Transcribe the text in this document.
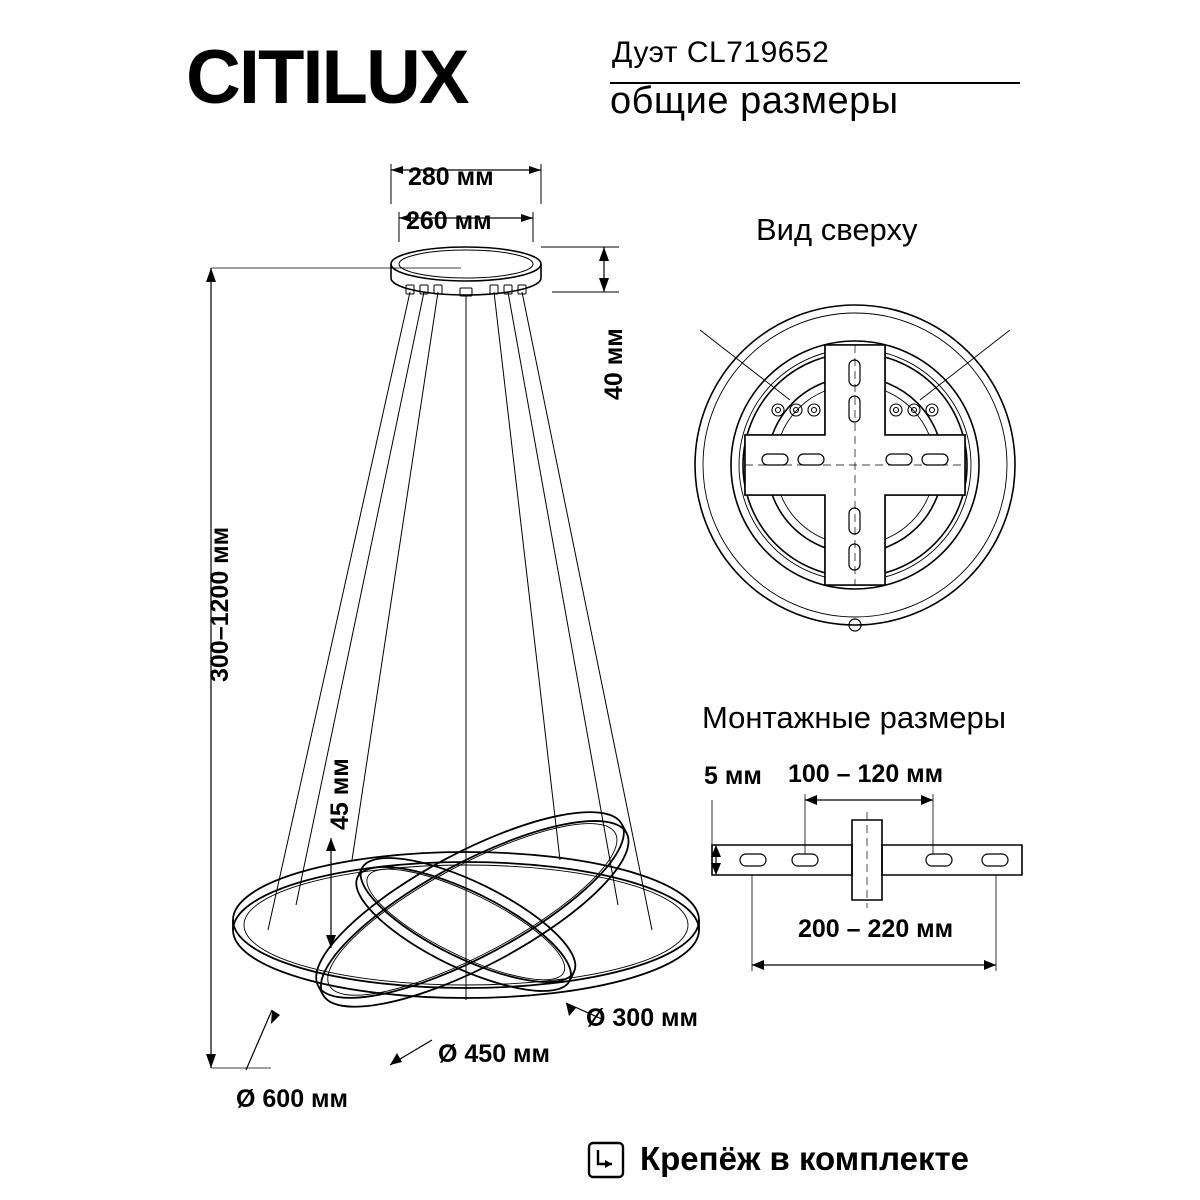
CITILUX	Дуэт CL719652
общие размеры
280 мм
260 мм
40 мм
300–1200 мм
45 мм
Ø 300 мм
Ø 450 мм
Ø 600 мм
Вид сверху
Монтажные размеры
5 мм 100 – 120 мм
200 – 220 мм
Крепёж в комплекте
